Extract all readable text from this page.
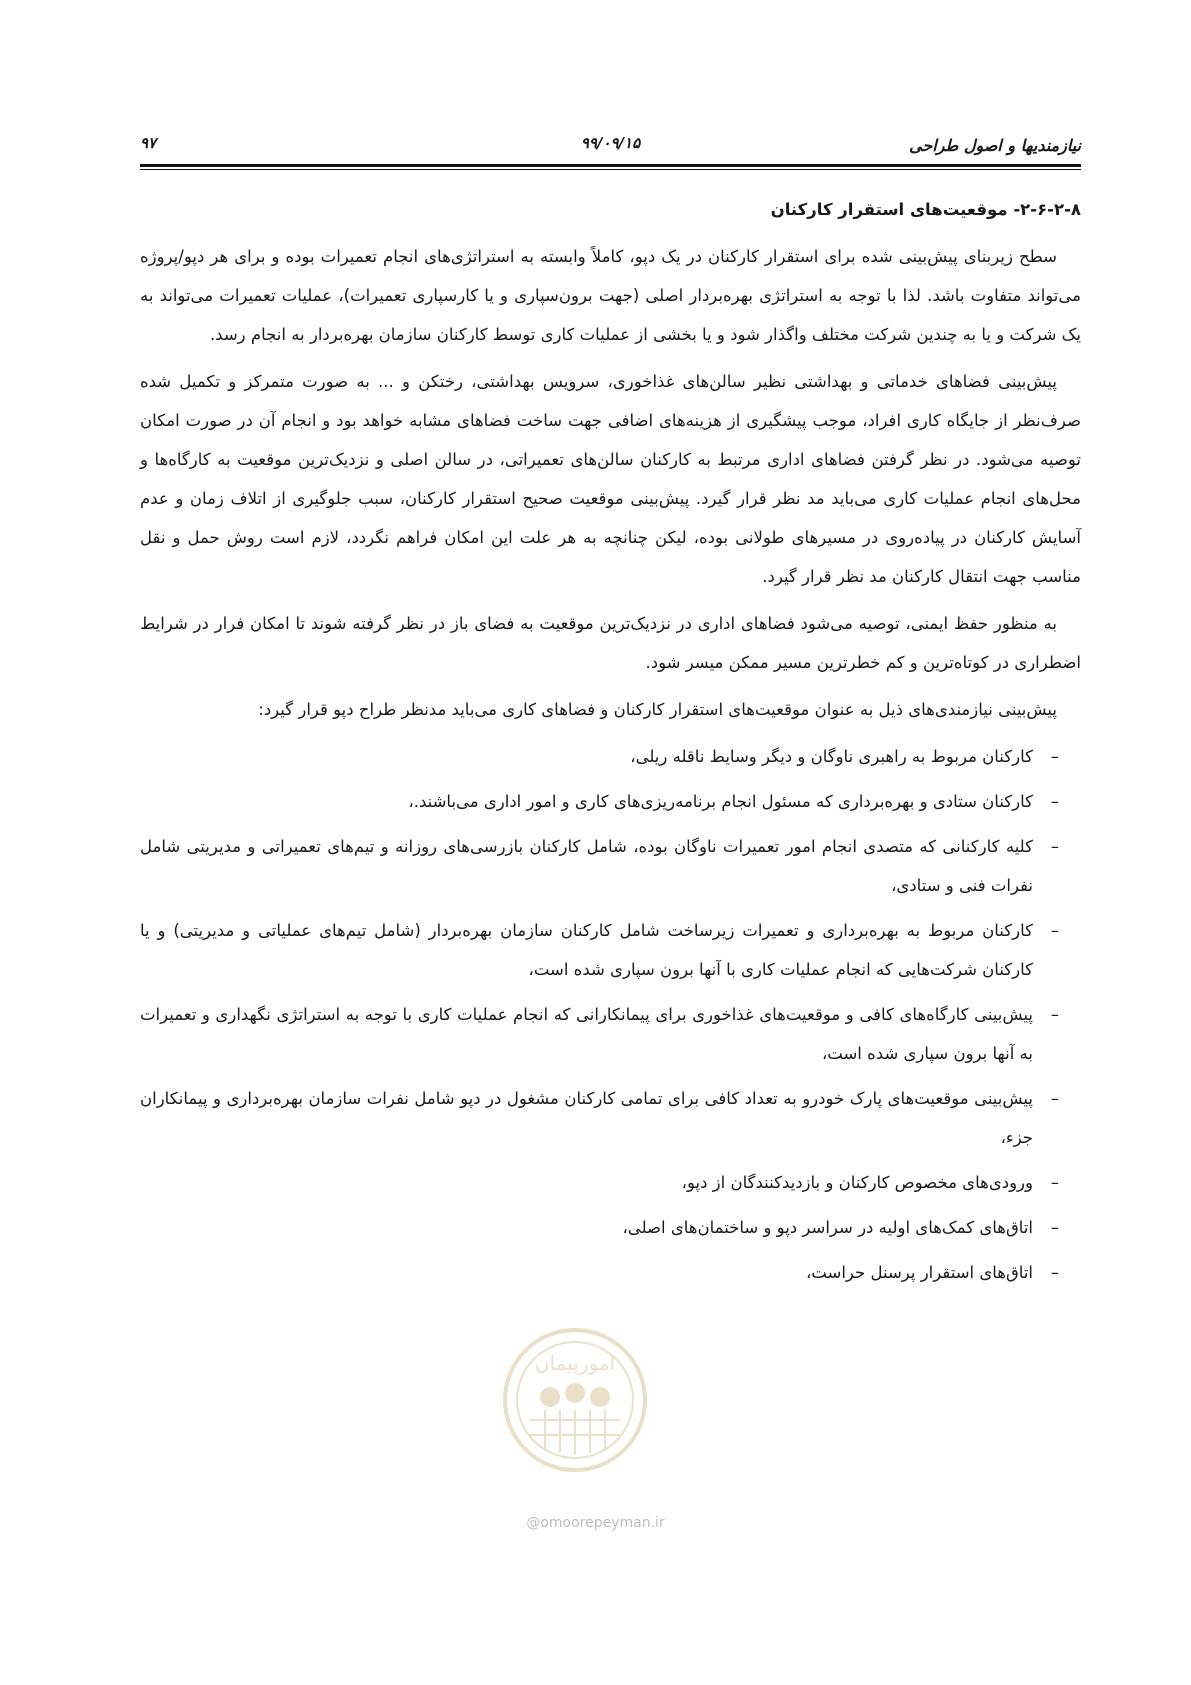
نیازمندیها و اصول طراحی
۹۹/۰۹/۱۵
۹۷
۲-۶-۲-۸- موقعیت‌های استقرار کارکنان

سطح زیربنای پیش‌بینی شده برای استقرار کارکنان در یک دپو، کاملاً وابسته به استراتژی‌های انجام تعمیرات بوده و برای هر دپو/پروژه می‌تواند متفاوت باشد. لذا با توجه به استراتژی بهره‌بردار اصلی (جهت برون‌سپاری و یا کارسپاری تعمیرات)، عملیات تعمیرات می‌تواند به یک شرکت و یا به چندین شرکت مختلف واگذار شود و یا بخشی از عملیات کاری توسط کارکنان سازمان بهره‌بردار به انجام رسد.

پیش‌بینی فضاهای خدماتی و بهداشتی نظیر سالن‌های غذاخوری، سرویس بهداشتی، رختکن و ... به صورت متمرکز و تکمیل شده صرف‌نظر از جایگاه کاری افراد، موجب پیشگیری از هزینه‌های اضافی جهت ساخت فضاهای مشابه خواهد بود و انجام آن در صورت امکان توصیه می‌شود. در نظر گرفتن فضاهای اداری مرتبط به کارکنان سالن‌های تعمیراتی، در سالن اصلی و نزدیک‌ترین موقعیت به کارگاه‌ها و محل‌های انجام عملیات کاری می‌باید مد نظر قرار گیرد. پیش‌بینی موقعیت صحیح استقرار کارکنان، سبب جلوگیری از اتلاف زمان و عدم آسایش کارکنان در پیاده‌روی در مسیرهای طولانی بوده، لیکن چنانچه به هر علت این امکان فراهم نگردد، لازم است روش حمل و نقل مناسب جهت انتقال کارکنان مد نظر قرار گیرد.

به منظور حفظ ایمنی، توصیه می‌شود فضاهای اداری در نزدیک‌ترین موقعیت به فضای باز در نظر گرفته شوند تا امکان فرار در شرایط اضطراری در کوتاه‌ترین و کم خطرترین مسیر ممکن میسر شود.

پیش‌بینی نیازمندی‌های ذیل به عنوان موقعیت‌های استقرار کارکنان و فضاهای کاری می‌باید مدنظر طراح دپو قرار گیرد:

–
کارکنان مربوط به راهبری ناوگان و دیگر وسایط ناقله ریلی،
–
کارکنان ستادی و بهره‌برداری که مسئول انجام برنامه‌ریزی‌های کاری و امور اداری می‌باشند.،
–
کلیه کارکنانی که متصدی انجام امور تعمیرات ناوگان بوده، شامل کارکنان بازرسی‌های روزانه و تیم‌های تعمیراتی و مدیریتی شامل نفرات فنی و ستادی،
–
کارکنان مربوط به بهره‌برداری و تعمیرات زیرساخت شامل کارکنان سازمان بهره‌بردار (شامل تیم‌های عملیاتی و مدیریتی) و یا کارکنان شرکت‌هایی که انجام عملیات کاری با آنها برون سپاری شده است،
–
پیش‌بینی کارگاه‌های کافی و موقعیت‌های غذاخوری برای پیمانکارانی که انجام عملیات کاری با توجه به استراتژی نگهداری و تعمیرات به آنها برون سپاری شده است،
–
پیش‌بینی موقعیت‌های پارک خودرو به تعداد کافی برای تمامی کارکنان مشغول در دپو شامل نفرات سازمان بهره‌برداری و پیمانکاران جزء،
–
ورودی‌های مخصوص کارکنان و بازدیدکنندگان از دپو،
–
اتاق‌های کمک‌های اولیه در سراسر دپو و ساختمان‌های اصلی،
–
اتاق‌های استقرار پرسنل حراست،
امورپیمان
@omoorepeyman.ir
